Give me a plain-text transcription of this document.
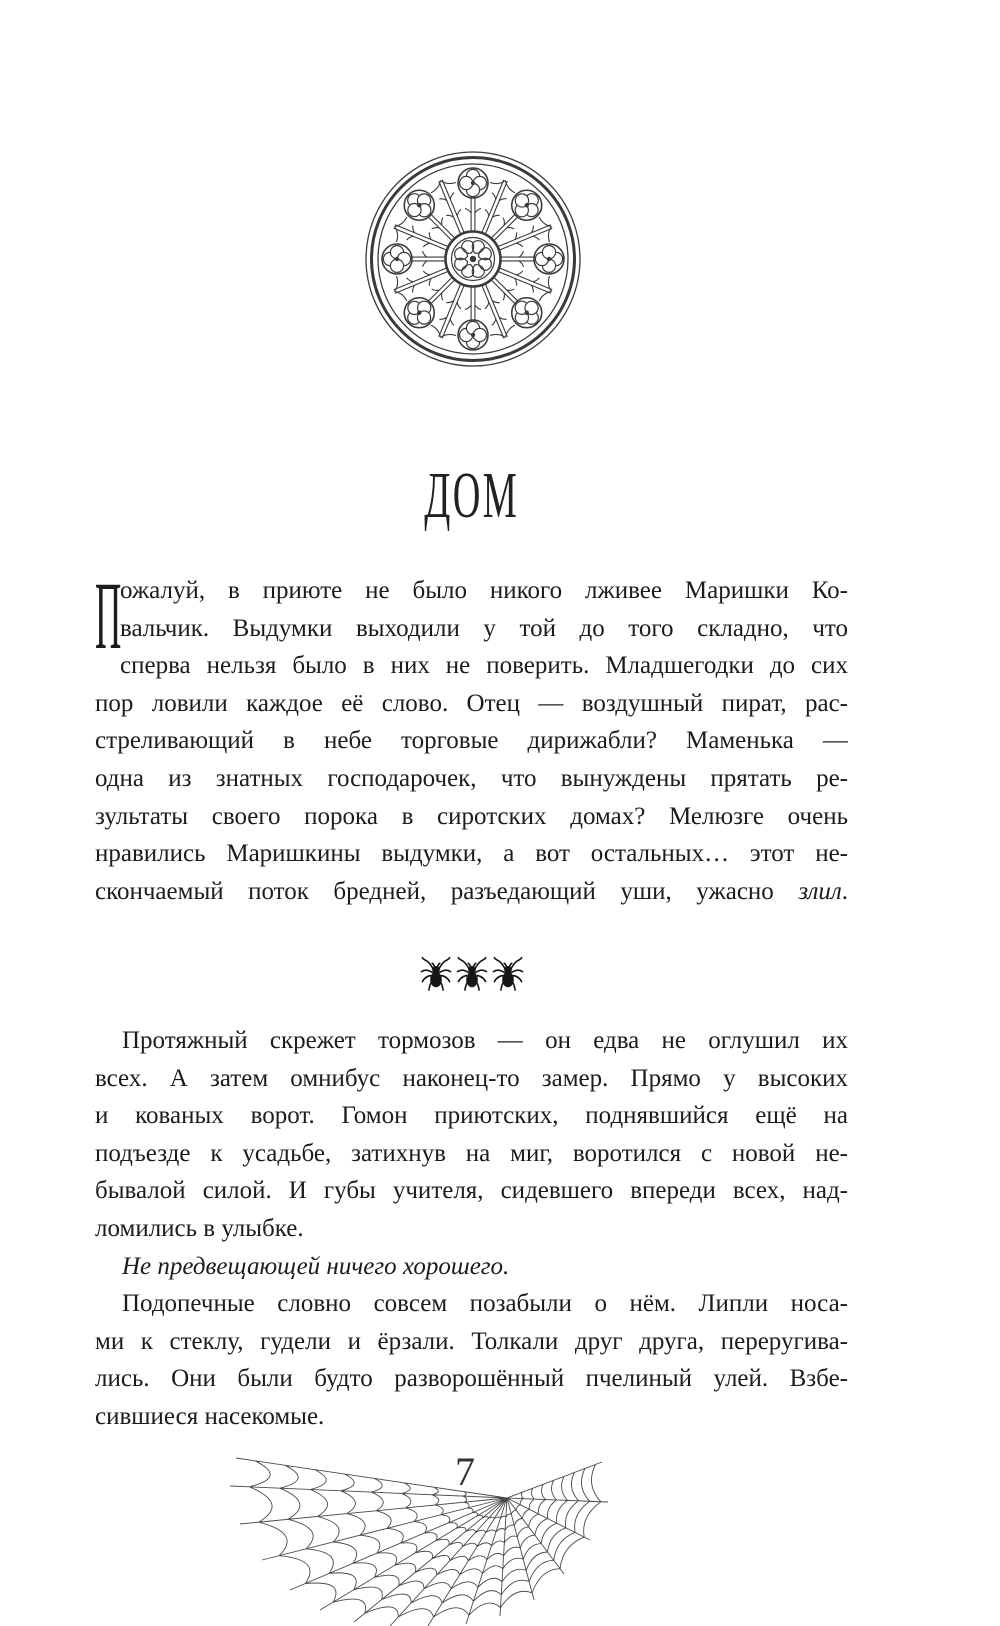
ДОМ
П
ожалуй, в приюте не было никого лживее Маришки Ко-
вальчик. Выдумки выходили у той до того складно, что
сперва нельзя было в них не поверить. Младшегодки до сих
пор ловили каждое её слово. Отец — воздушный пират, рас-
стреливающий в небе торговые дирижабли? Маменька —
одна из знатных господарочек, что вынуждены прятать ре-
зультаты своего порока в сиротских домах? Мелюзге очень
нравились Маришкины выдумки, а вот остальных… этот не-
скончаемый поток бредней, разъедающий уши, ужасно злил.
Протяжный скрежет тормозов — он едва не оглушил их
всех. А затем омнибус наконец-то замер. Прямо у высоких
и кованых ворот. Гомон приютских, поднявшийся ещё на
подъезде к усадьбе, затихнув на миг, воротился с новой не-
бывалой силой. И губы учителя, сидевшего впереди всех, над-
ломились в улыбке.
Не предвещающей ничего хорошего.
Подопечные словно совсем позабыли о нём. Липли носа-
ми к стеклу, гудели и ёрзали. Толкали друг друга, переругива-
лись. Они были будто разворошённый пчелиный улей. Взбе-
сившиеся насекомые.
7
